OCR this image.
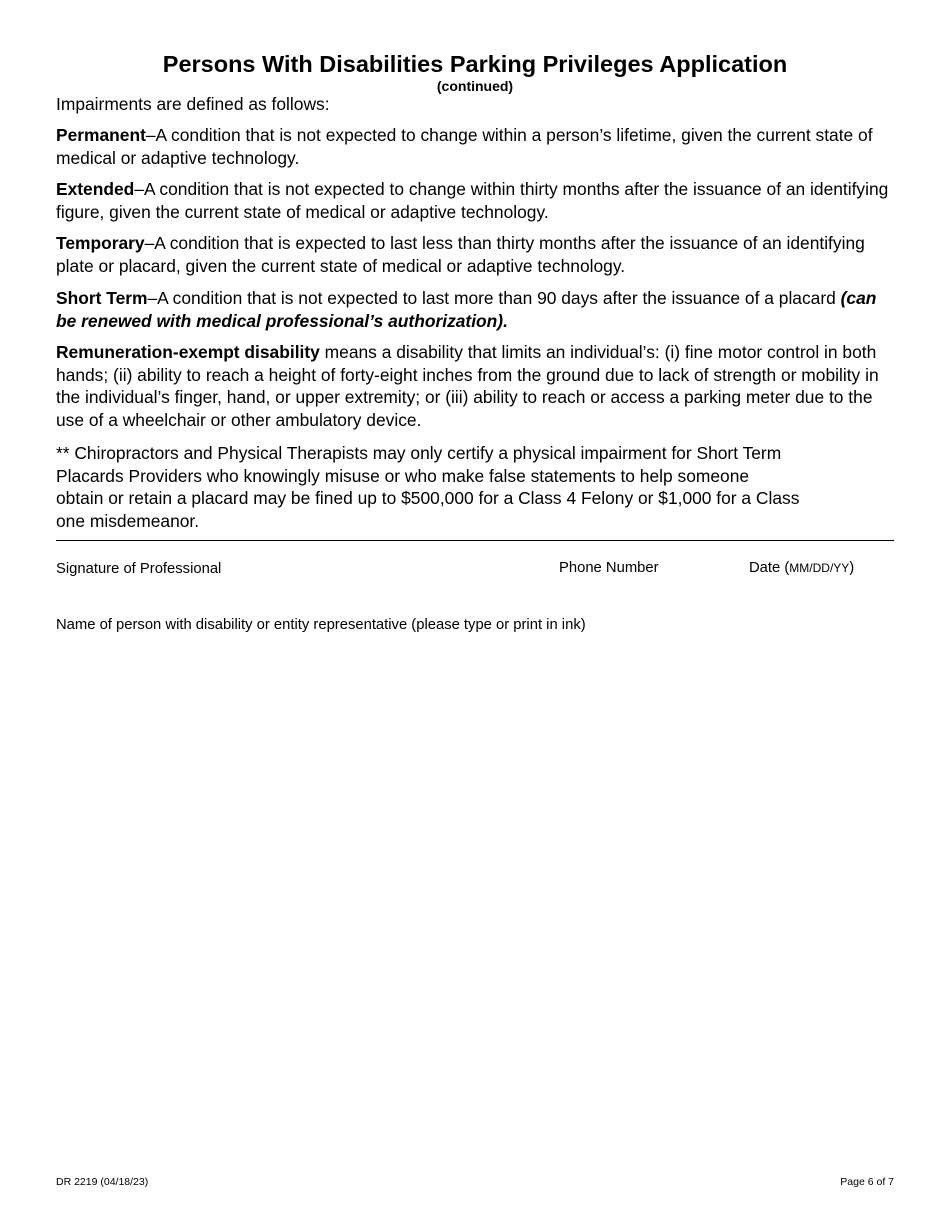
Persons With Disabilities Parking Privileges Application
(continued)
Impairments are defined as follows:
Permanent–A condition that is not expected to change within a person’s lifetime, given the current state of medical or adaptive technology.
Extended–A condition that is not expected to change within thirty months after the issuance of an identifying figure, given the current state of medical or adaptive technology.
Temporary–A condition that is expected to last less than thirty months after the issuance of an identifying plate or placard, given the current state of medical or adaptive technology.
Short Term–A condition that is not expected to last more than 90 days after the issuance of a placard (can be renewed with medical professional’s authorization).
Remuneration-exempt disability means a disability that limits an individual’s: (i) fine motor control in both hands; (ii) ability to reach a height of forty-eight inches from the ground due to lack of strength or mobility in the individual’s finger, hand, or upper extremity; or (iii) ability to reach or access a parking meter due to the use of a wheelchair or other ambulatory device.
** Chiropractors and Physical Therapists may only certify a physical impairment for Short Term
Placards Providers who knowingly misuse or who make false statements to help someone
obtain or retain a placard may be fined up to $500,000 for a Class 4 Felony or $1,000 for a Class
one misdemeanor.
Signature of Professional	Phone Number	Date (MM/DD/YY)
Name of person with disability or entity representative (please type or print in ink)
DR 2219 (04/18/23)	Page 6 of 7
